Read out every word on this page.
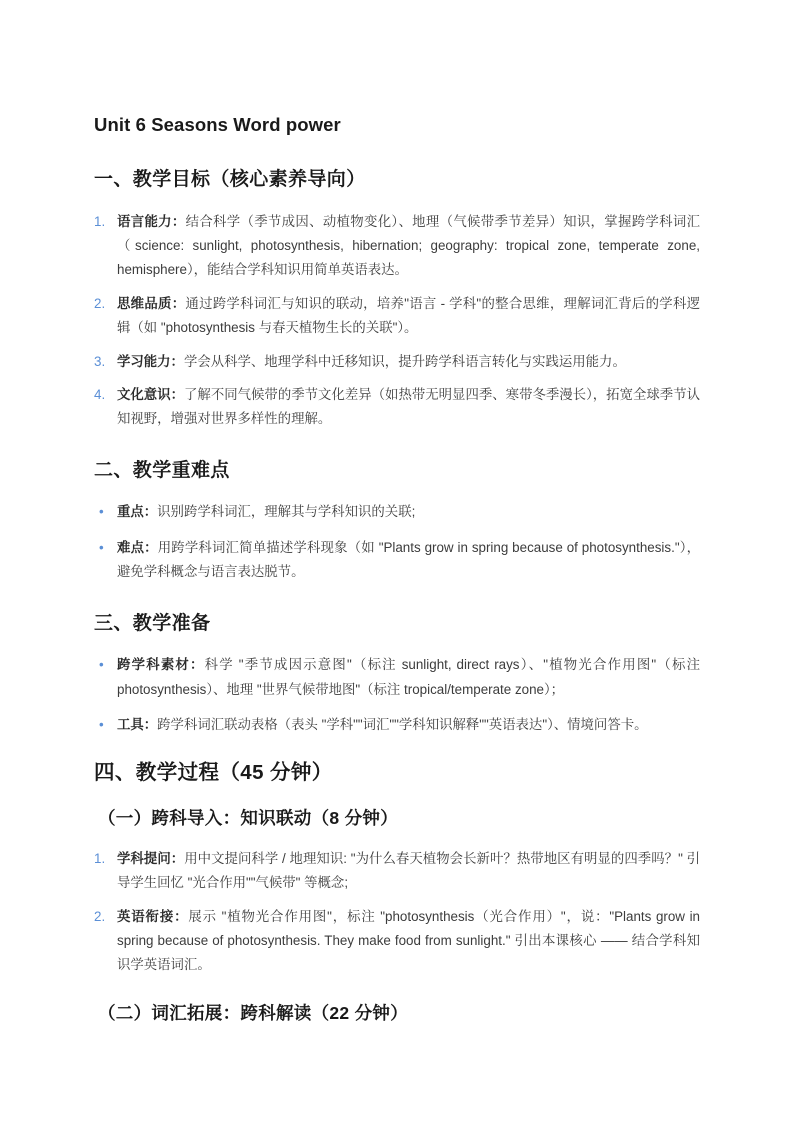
Unit 6 Seasons Word power
一、教学目标（核心素养导向）
1. 语言能力：结合科学（季节成因、动植物变化）、地理（气候带季节差异）知识，掌握跨学科词汇（science: sunlight, photosynthesis, hibernation; geography: tropical zone, temperate zone, hemisphere），能结合学科知识用简单英语表达。
2. 思维品质：通过跨学科词汇与知识的联动，培养"语言 - 学科"的整合思维，理解词汇背后的学科逻辑（如 "photosynthesis 与春天植物生长的关联"）。
3. 学习能力：学会从科学、地理学科中迁移知识，提升跨学科语言转化与实践运用能力。
4. 文化意识：了解不同气候带的季节文化差异（如热带无明显四季、寒带冬季漫长），拓宽全球季节认知视野，增强对世界多样性的理解。
二、教学重难点
• 重点：识别跨学科词汇，理解其与学科知识的关联;
• 难点：用跨学科词汇简单描述学科现象（如 "Plants grow in spring because of photosynthesis."），避免学科概念与语言表达脱节。
三、教学准备
• 跨学科素材：科学 "季节成因示意图"（标注 sunlight, direct rays）、"植物光合作用图"（标注 photosynthesis）、地理 "世界气候带地图"（标注 tropical/temperate zone）；
• 工具：跨学科词汇联动表格（表头 "学科""词汇""学科知识解释""英语表达"）、情境问答卡。
四、教学过程（45 分钟）
（一）跨科导入：知识联动（8 分钟）
1. 学科提问：用中文提问科学 / 地理知识: "为什么春天植物会长新叶？热带地区有明显的四季吗？" 引导学生回忆 "光合作用""气候带" 等概念;
2. 英语衔接：展示 "植物光合作用图"，标注 "photosynthesis（光合作用）"，说："Plants grow in spring because of photosynthesis. They make food from sunlight." 引出本课核心 —— 结合学科知识学英语词汇。
（二）词汇拓展：跨科解读（22 分钟）
